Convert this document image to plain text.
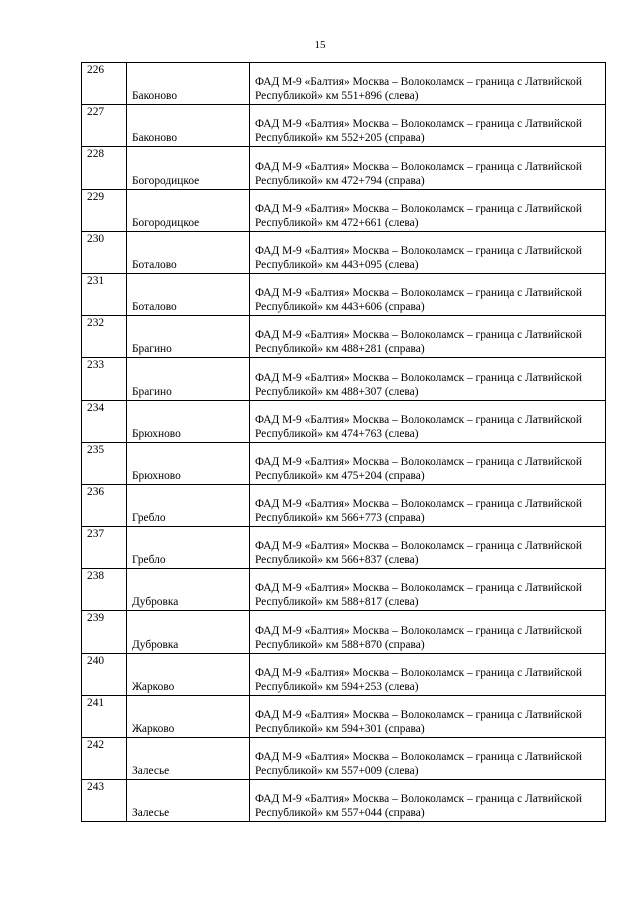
15
226	Баконово	ФАД М-9 «Балтия» Москва – Волоколамск – граница с Латвийской
Республикой» км 551+896 (слева)

227	Баконово	ФАД М-9 «Балтия» Москва – Волоколамск – граница с Латвийской
Республикой» км 552+205 (справа)

228	Богородицкое	ФАД М-9 «Балтия» Москва – Волоколамск – граница с Латвийской
Республикой» км 472+794 (справа)

229	Богородицкое	ФАД М-9 «Балтия» Москва – Волоколамск – граница с Латвийской
Республикой» км 472+661 (слева)

230	Боталово	ФАД М-9 «Балтия» Москва – Волоколамск – граница с Латвийской
Республикой» км 443+095 (слева)

231	Боталово	ФАД М-9 «Балтия» Москва – Волоколамск – граница с Латвийской
Республикой» км 443+606 (справа)

232	Брагино	ФАД М-9 «Балтия» Москва – Волоколамск – граница с Латвийской
Республикой» км 488+281 (справа)

233	Брагино	ФАД М-9 «Балтия» Москва – Волоколамск – граница с Латвийской
Республикой» км 488+307 (слева)

234	Брюхново	ФАД М-9 «Балтия» Москва – Волоколамск – граница с Латвийской
Республикой» км 474+763 (слева)

235	Брюхново	ФАД М-9 «Балтия» Москва – Волоколамск – граница с Латвийской
Республикой» км 475+204 (справа)

236	Гребло	ФАД М-9 «Балтия» Москва – Волоколамск – граница с Латвийской
Республикой» км 566+773 (справа)

237	Гребло	ФАД М-9 «Балтия» Москва – Волоколамск – граница с Латвийской
Республикой» км 566+837 (слева)

238	Дубровка	ФАД М-9 «Балтия» Москва – Волоколамск – граница с Латвийской
Республикой» км 588+817 (слева)

239	Дубровка	ФАД М-9 «Балтия» Москва – Волоколамск – граница с Латвийской
Республикой» км 588+870 (справа)

240	Жарково	ФАД М-9 «Балтия» Москва – Волоколамск – граница с Латвийской
Республикой» км 594+253 (слева)

241	Жарково	ФАД М-9 «Балтия» Москва – Волоколамск – граница с Латвийской
Республикой» км 594+301 (справа)

242	Залесье	ФАД М-9 «Балтия» Москва – Волоколамск – граница с Латвийской
Республикой» км 557+009 (слева)

243	Залесье	ФАД М-9 «Балтия» Москва – Волоколамск – граница с Латвийской
Республикой» км 557+044 (справа)
